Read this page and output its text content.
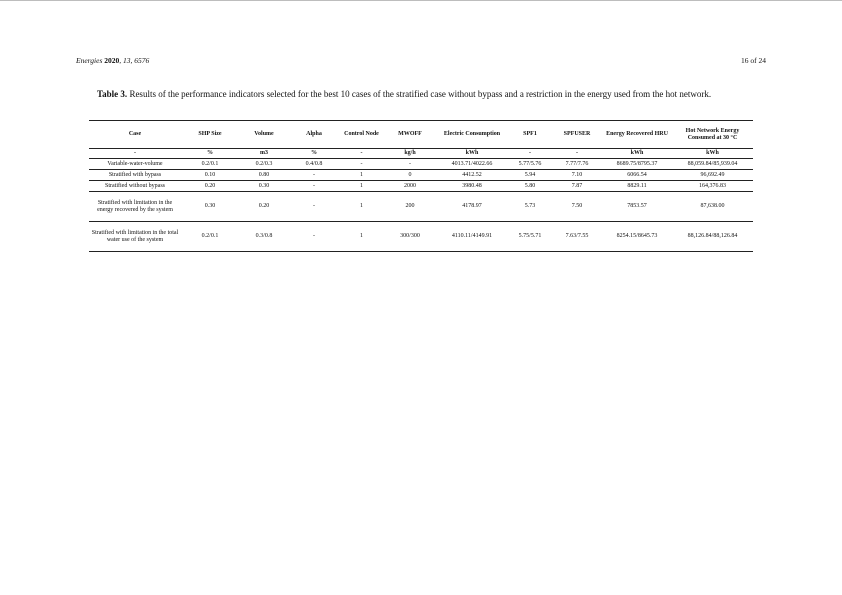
Energies 2020, 13, 6576	16 of 24
Table 3. Results of the performance indicators selected for the best 10 cases of the stratified case without bypass and a restriction in the energy used from the hot network.
Case	SHP Size	Volume	Alpha	Control Node	MWOFF	Electric Consumption	SPF1	SPFUSER	Energy Recovered HRU	Hot Network Energy Consumed at 30 °C
-	%	m3	%	-	kg/h	kWh	-	-	kWh	kWh
Variable-water-volume	0.2/0.1	0.2/0.3	0.4/0.8	-	-	4013.71/4022.66	5.77/5.76	7.77/7.76	8689.75/8795.37	88,059.84/85,939.04
Stratified with bypass	0.10	0.80	-	1	0	4412.52	5.94	7.10	6066.54	96,692.49
Stratified without bypass	0.20	0.30	-	1	2000	3980.48	5.80	7.87	8829.11	164,376.83
Stratified with limitation in the energy recovered by the system	0.30	0.20	-	1	200	4178.97	5.73	7.50	7853.57	87,638.00
Stratified with limitation in the total water use of the system	0.2/0.1	0.3/0.8	-	1	300/300	4110.11/4149.91	5.75/5.71	7.63/7.55	8254.15/8645.73	88,126.84/88,126.84
